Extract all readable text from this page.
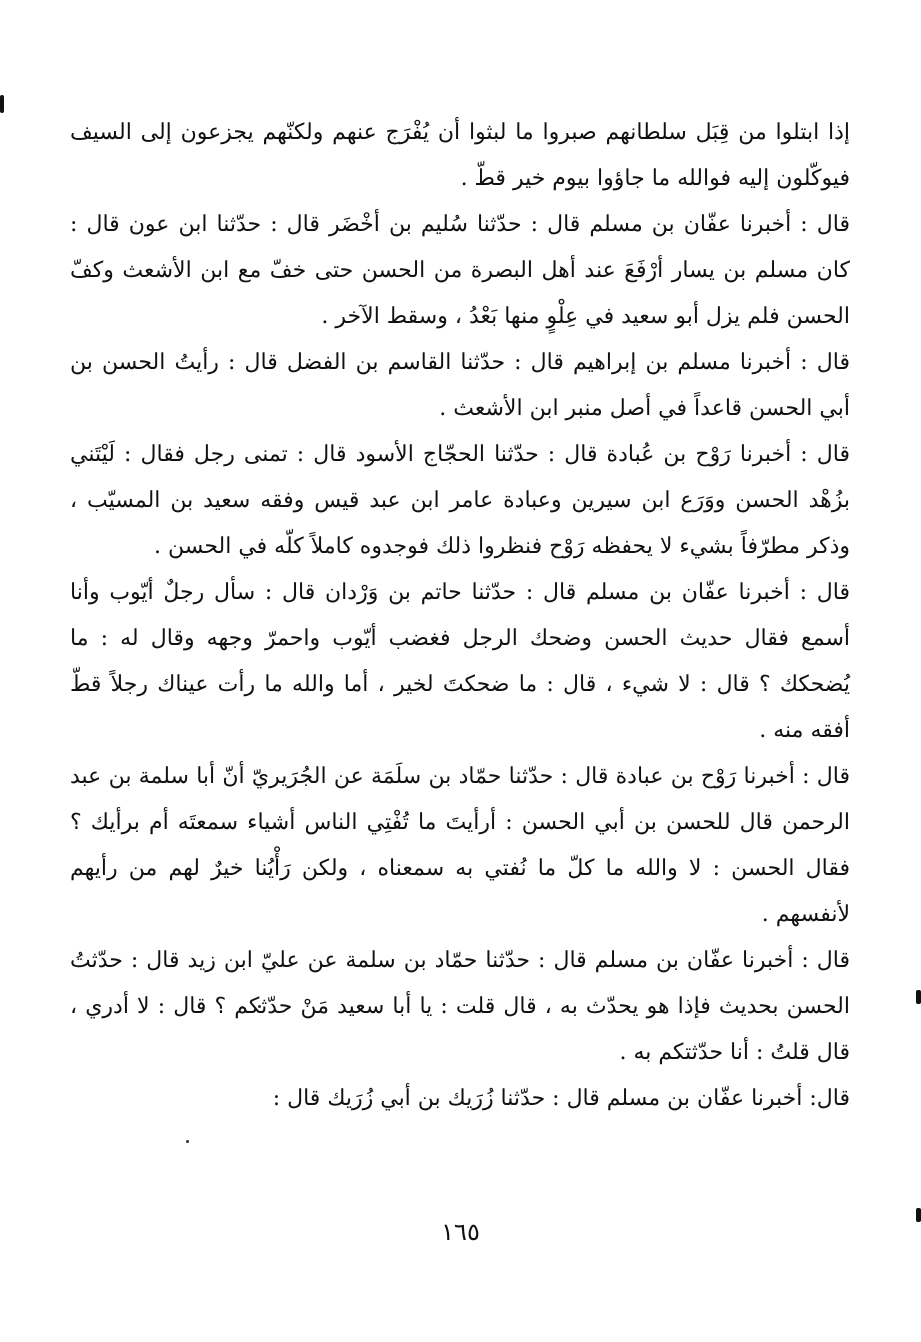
إذا ابتلوا من قِبَل سلطانهم صبروا ما لبثوا أن يُفْرَج عنهم ولكنّهم يجزعون إلى السيف فيوكّلون إليه فوالله ما جاؤوا بيوم خير قطّ .

قال : أخبرنا عفّان بن مسلم قال : حدّثنا سُليم بن أخْضَر قال : حدّثنا ابن عون قال : كان مسلم بن يسار أرْفَعَ عند أهل البصرة من الحسن حتى خفّ مع ابن الأشعث وكفّ الحسن فلم يزل أبو سعيد في عِلْوٍ منها بَعْدُ ، وسقط الآخر .

قال : أخبرنا مسلم بن إبراهيم قال : حدّثنا القاسم بن الفضل قال : رأيتُ الحسن بن أبي الحسن قاعداً في أصل منبر ابن الأشعث .

قال : أخبرنا رَوْح بن عُبادة قال : حدّثنا الحجّاج الأسود قال : تمنى رجل فقال : لَيْتَني بزُهْد الحسن ووَرَع ابن سيرين وعبادة عامر ابن عبد قيس وفقه سعيد بن المسيّب ، وذكر مطرّفاً بشيء لا يحفظه رَوْح فنظروا ذلك فوجدوه كاملاً كلّه في الحسن .

قال : أخبرنا عفّان بن مسلم قال : حدّثنا حاتم بن وَرْدان قال : سأل رجلٌ أيّوب وأنا أسمع فقال حديث الحسن وضحك الرجل فغضب أيّوب واحمرّ وجهه وقال له : ما يُضحكك ؟ قال : لا شيء ، قال : ما ضحكتَ لخير ، أما والله ما رأت عيناك رجلاً قطّ أفقه منه .

قال : أخبرنا رَوْح بن عبادة قال : حدّثنا حمّاد بن سلَمَة عن الجُرَيريّ أنّ أبا سلمة بن عبد الرحمن قال للحسن بن أبي الحسن : أرأيتَ ما تُفْتِي الناس أشياء سمعتَه أم برأيك ؟ فقال الحسن : لا والله ما كلّ ما نُفتي به سمعناه ، ولكن رَأْيُنا خيرٌ لهم من رأيهم لأنفسهم .

قال : أخبرنا عفّان بن مسلم قال : حدّثنا حمّاد بن سلمة عن عليّ ابن زيد قال : حدّثتُ الحسن بحديث فإذا هو يحدّث به ، قال قلت : يا أبا سعيد مَنْ حدّثكم ؟ قال : لا أدري ، قال قلتُ : أنا حدّثتكم به .

قال: أخبرنا عفّان بن مسلم قال : حدّثنا زُرَيك بن أبي زُرَيك قال :

١٦٥
